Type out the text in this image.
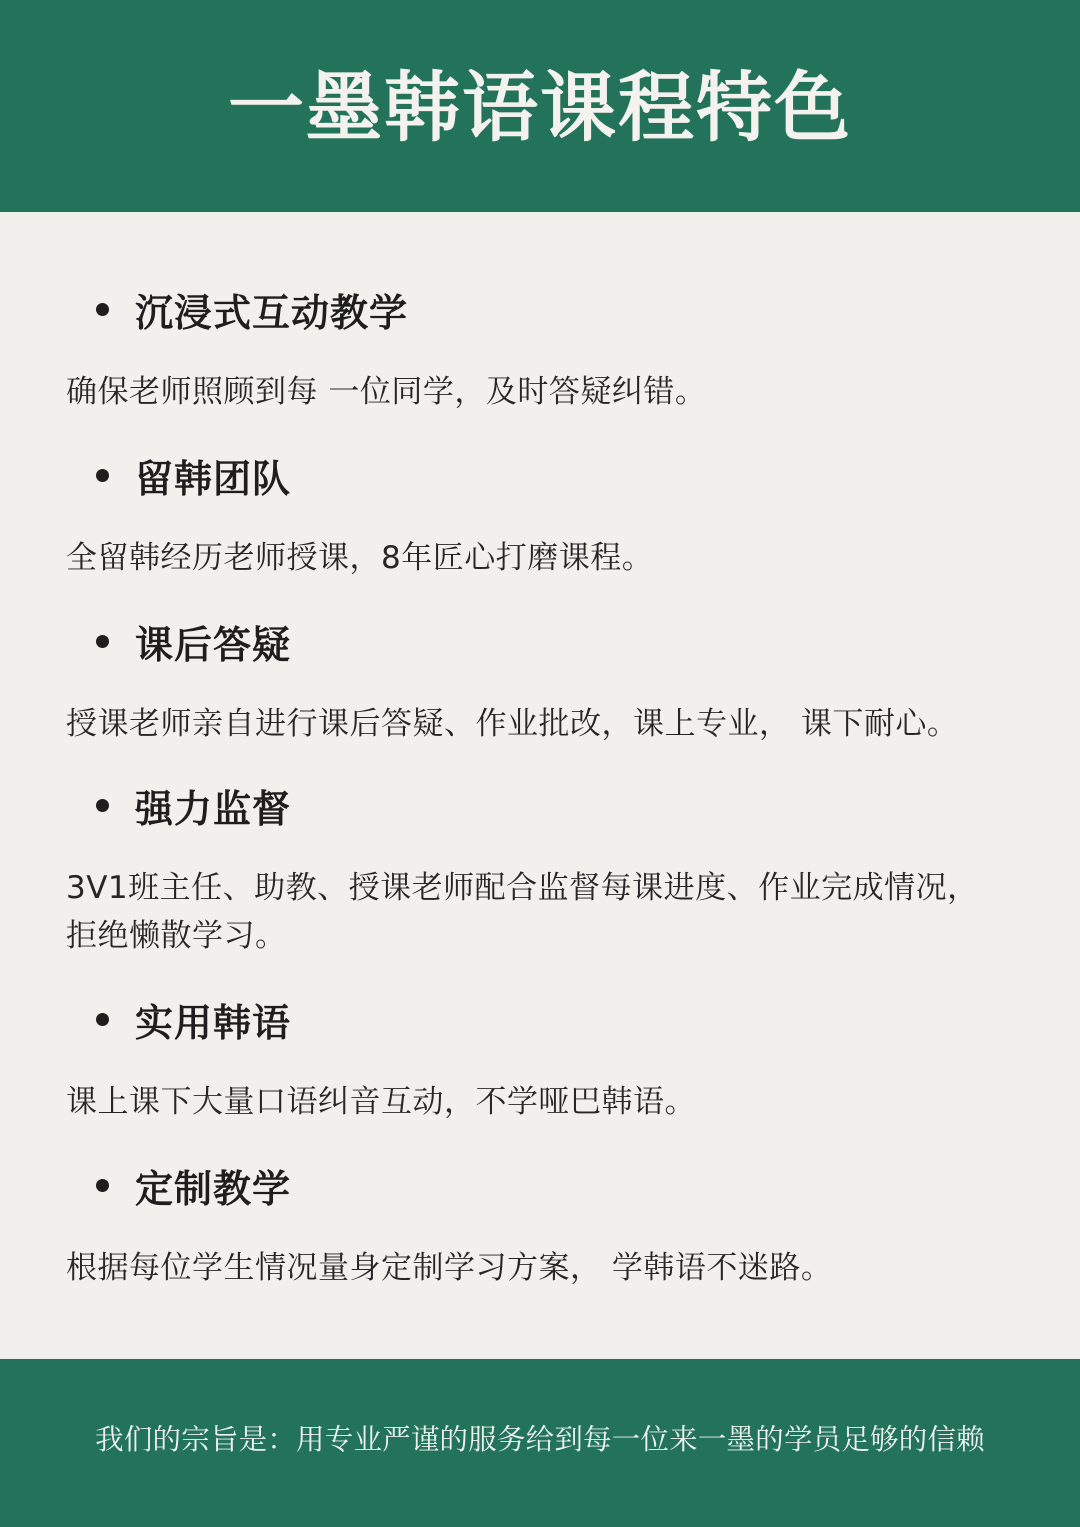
一墨韩语课程特色
沉浸式互动教学
确保老师照顾到每 一位同学，及时答疑纠错。
留韩团队
全留韩经历老师授课，8年匠心打磨课程。
课后答疑
授课老师亲自进行课后答疑、作业批改，课上专业， 课下耐心。
强力监督
3V1班主任、助教、授课老师配合监督每课进度、作业完成情况， 拒绝懒散学习。
实用韩语
课上课下大量口语纠音互动，不学哑巴韩语。
定制教学
根据每位学生情况量身定制学习方案， 学韩语不迷路。
我们的宗旨是：用专业严谨的服务给到每一位来一墨的学员足够的信赖
